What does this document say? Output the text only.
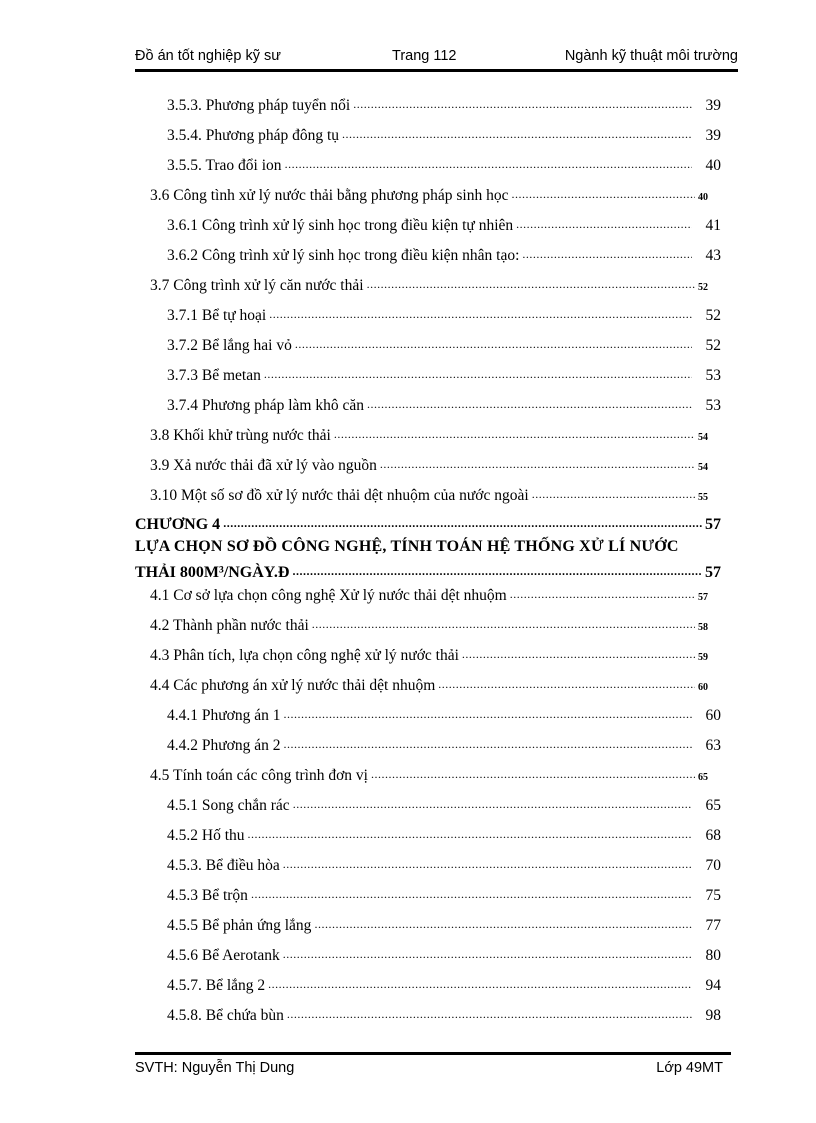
Đồ án tốt nghiệp kỹ sư	Trang 112	Ngành kỹ thuật môi trường
3.5.3. Phương pháp tuyển nổi .....	39
3.5.4. Phương pháp đông tụ .....	39
3.5.5. Trao đổi ion .....	40
3.6 Công tình xử lý nước thải bằng phương pháp sinh học .....	40
3.6.1 Công trình xử lý sinh học trong điều kiện tự nhiên .....	41
3.6.2 Công trình xử lý sinh học trong điều kiện nhân tạo: .....	43
3.7 Công trình xử lý căn nước thải .....	52
3.7.1 Bể tự hoại .....	52
3.7.2 Bể lắng hai vỏ .....	52
3.7.3 Bể metan .....	53
3.7.4 Phương pháp làm khô căn .....	53
3.8 Khối khử trùng nước thải .....	54
3.9 Xả nước thải đã xử lý vào nguồn .....	54
3.10 Một số sơ đồ xử lý nước thải dệt nhuộm của nước ngoài .....	55
CHƯƠNG 4 .....	57
LỰA CHỌN SƠ ĐỒ CÔNG NGHỆ, TÍNH TOÁN HỆ THỐNG XỬ LÍ NƯỚC
THẢI 800M³/NGÀY.Đ .....	57
4.1 Cơ sở lựa chọn công nghệ Xử lý nước thải dệt nhuộm .....	57
4.2 Thành phần nước thải .....	58
4.3 Phân tích, lựa chọn công nghệ xử lý nước thải .....	59
4.4 Các phương án xử lý nước thải dệt nhuộm .....	60
4.4.1 Phương án 1 .....	60
4.4.2 Phương án 2 .....	63
4.5 Tính toán các công trình đơn vị .....	65
4.5.1 Song chắn rác .....	65
4.5.2 Hố thu .....	68
4.5.3. Bể điều hòa .....	70
4.5.3 Bể trộn .....	75
4.5.5 Bể phản ứng lắng .....	77
4.5.6 Bể Aerotank .....	80
4.5.7. Bể lắng 2 .....	94
4.5.8. Bể chứa bùn .....	98
SVTH: Nguyễn Thị Dung	Lớp 49MT
